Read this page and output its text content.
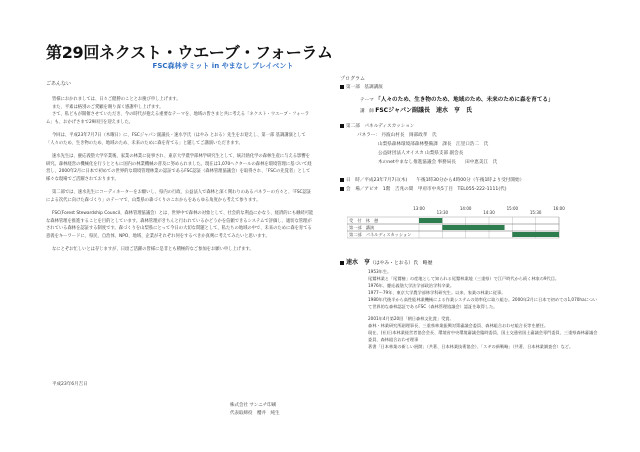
第29回ネクスト・ウエーブ・フォーラム
FSC森林サミット in やまなし プレイベント
ごあんない

皆様におかれましては、日々ご健勝のこととお慶び申し上げます。

また、平素は格別のご愛顧を賜り深く感謝申し上げます。

さて、私どもが開催させていただき、今の時代が抱える重要なテーマを、地域の皆さまと共に考える「ネクスト・ウエーブ・フォーラム」も、おかげさまで29回目を迎えました。

今回は、平成23年7月7日（木曜日）に、FSCジャパン副議長・速水亨氏（はやみ とおる）先生をお迎えし、第一部 基調講演として「人々のため、生き物のため、地域のため、未来のために森を育てる」と題してご講演いただきます。

速水先生は、慶応義塾大学卒業後、家業の林業に従事され、東京大学農学部林学研究生として、統計熱化学の森林生産に与える影響を研究。森林経営の機械化を行うとともに国内の林業機械の普及に努められました。現在は1,070ヘクタールの森林を環境管理に基づいて経営し、2000年2月に日本で初めての世界的な環境管理林業の認証であるFSC認証（森林管理協議会）を取得され、「FSCの先覚者」として様々な現場でご活躍されております。

第二部では、速水先生にコーディネーターをお願いし、県内の行政、公益法人で森林と深く関わりのあるパネラーの方々と、「FSC認証による次代に向けた森づくり」のテーマで、山梨県の森づくりのこれからをあらゆる角度から考えて参ります。

FSC(Forest Stewardship Council、森林管理協議会）とは、世界中で森林の対象として、社会的な利益にかなう、経済的にも継続可能な森林管理を推進することを目的としています。森林管理がきちんと行われているかどうかを信頼できるシステムで評価し、適切な管理がされている森林を認証する制度です。森づくりを山梨県にとって今日の大切な問題として、私たちの地域の中で、未来のために森を育てる意義をキーワードに、県民、自治体、NPO、地域、企業がそれぞれ何をするべきか真剣に考えてみたいと思います。

なにとぞお忙しいとは存じますが、日頃ご活躍の皆様に是非とも積極的なご参加をお願い申し上げます。

平成23年6月吉日
株式会社 サンニチ印刷
代表取締役　櫻井　純生
プログラム
第一部　基調講演
テーマ 「人々のため、生き物のため、地域のため、未来のために森を育てる」
講　師 FSCジャパン副議長　速水　亨　氏
第二部　パネルディスカッション
パネラー： 丹波山村長　岡部政孝　氏
山梨県森林環境部森林整備課　課長　江里口浩二　氏
公益財団法人オイスカ 山梨県支部 副会長
木のnetやまなし推進協議会 事務局長　　田中恵美江　氏
日　時／平成23年7月7日(木)　　午後1時30分から4時00分（午後1時より受付開始）
会　場／アピオ　1階　吉兆の間　甲府市中央5丁目　TEL055-222-1111(代)
13:00
13:30
14:00
14:30
15:00
15:30
16:00
受　付　休　憩
第一部　講演
第二部　パネルディスカッション
速水　亨（はやみ・とおる）氏　略歴
1953年生。
尾鷲林業と「尾鷲檜」の産地として知られる尾鷲林業地（三重県）で江戸時代から続く林家の9代目。
1976年、慶応義塾大学法学部政治学科卒業。
1977〜79年、東京大学農学部林学科研究生。以来、家業の林業に従事。
1980年代後半から高性能林業機械による作業システムの効率化に取り組む。2000年2月に日本で初めての1,070haについて世界的な森林認証であるFSC（森林管理協議会）認証を取得した。
2001年4月第20回「朝日森林文化賞」受賞。
森林・林業研究所副理事長、三重県林業振興対策審議会委員、森林組合おわせ組合長等を歴任。
現在、(社)日本林業経営者協会会長、環境省中央環境審議会臨時委員、国土交通省国土審議会専門委員、三重県森林審議会委員、森林組合おわせ理事
著書「日本林業の新しい展開」（共著、日本林業技術協会）、「スギの新戦略」（共著、日本林業調査会）など。
